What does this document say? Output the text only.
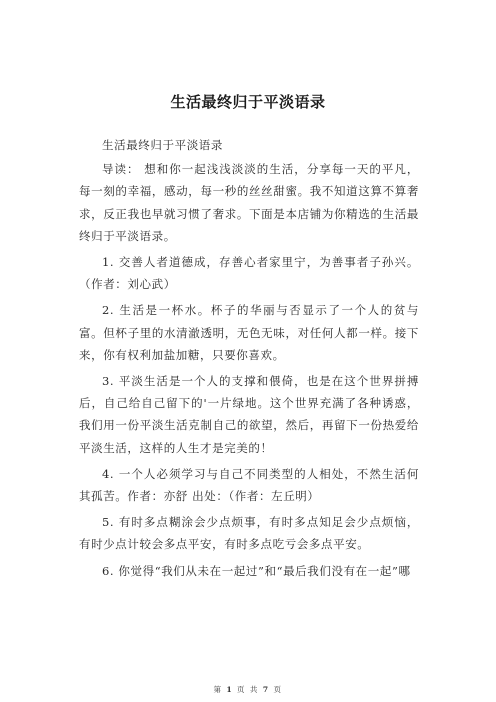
生活最终归于平淡语录

生活最终归于平淡语录

导读： 想和你一起浅浅淡淡的生活，分享每一天的平凡， 每一刻的幸福，感动，每一秒的丝丝甜蜜。我不知道这算不算奢求，反正我也早就习惯了奢求。下面是本店铺为你精选的生活最终归于平淡语录。

1. 交善人者道德成，存善心者家里宁，为善事者子孙兴。（作者：刘心武）

2. 生活是一杯水。杯子的华丽与否显示了一个人的贫与富。但杯子里的水清澈透明，无色无味，对任何人都一样。接下来，你有权利加盐加糖，只要你喜欢。

3. 平淡生活是一个人的支撑和偎倚，也是在这个世界拼搏后，自己给自己留下的'一片绿地。这个世界充满了各种诱惑，我们用一份平淡生活克制自己的欲望，然后，再留下一份热爱给平淡生活，这样的人生才是完美的！

4. 一个人必须学习与自己不同类型的人相处，不然生活何其孤苦。作者：亦舒 出处：（作者：左丘明）

5. 有时多点糊涂会少点烦事，有时多点知足会少点烦恼，有时少点计较会多点平安，有时多点吃亏会多点平安。

6. 你觉得“我们从未在一起过”和“最后我们没有在一起”哪

第 1 页 共 7 页
